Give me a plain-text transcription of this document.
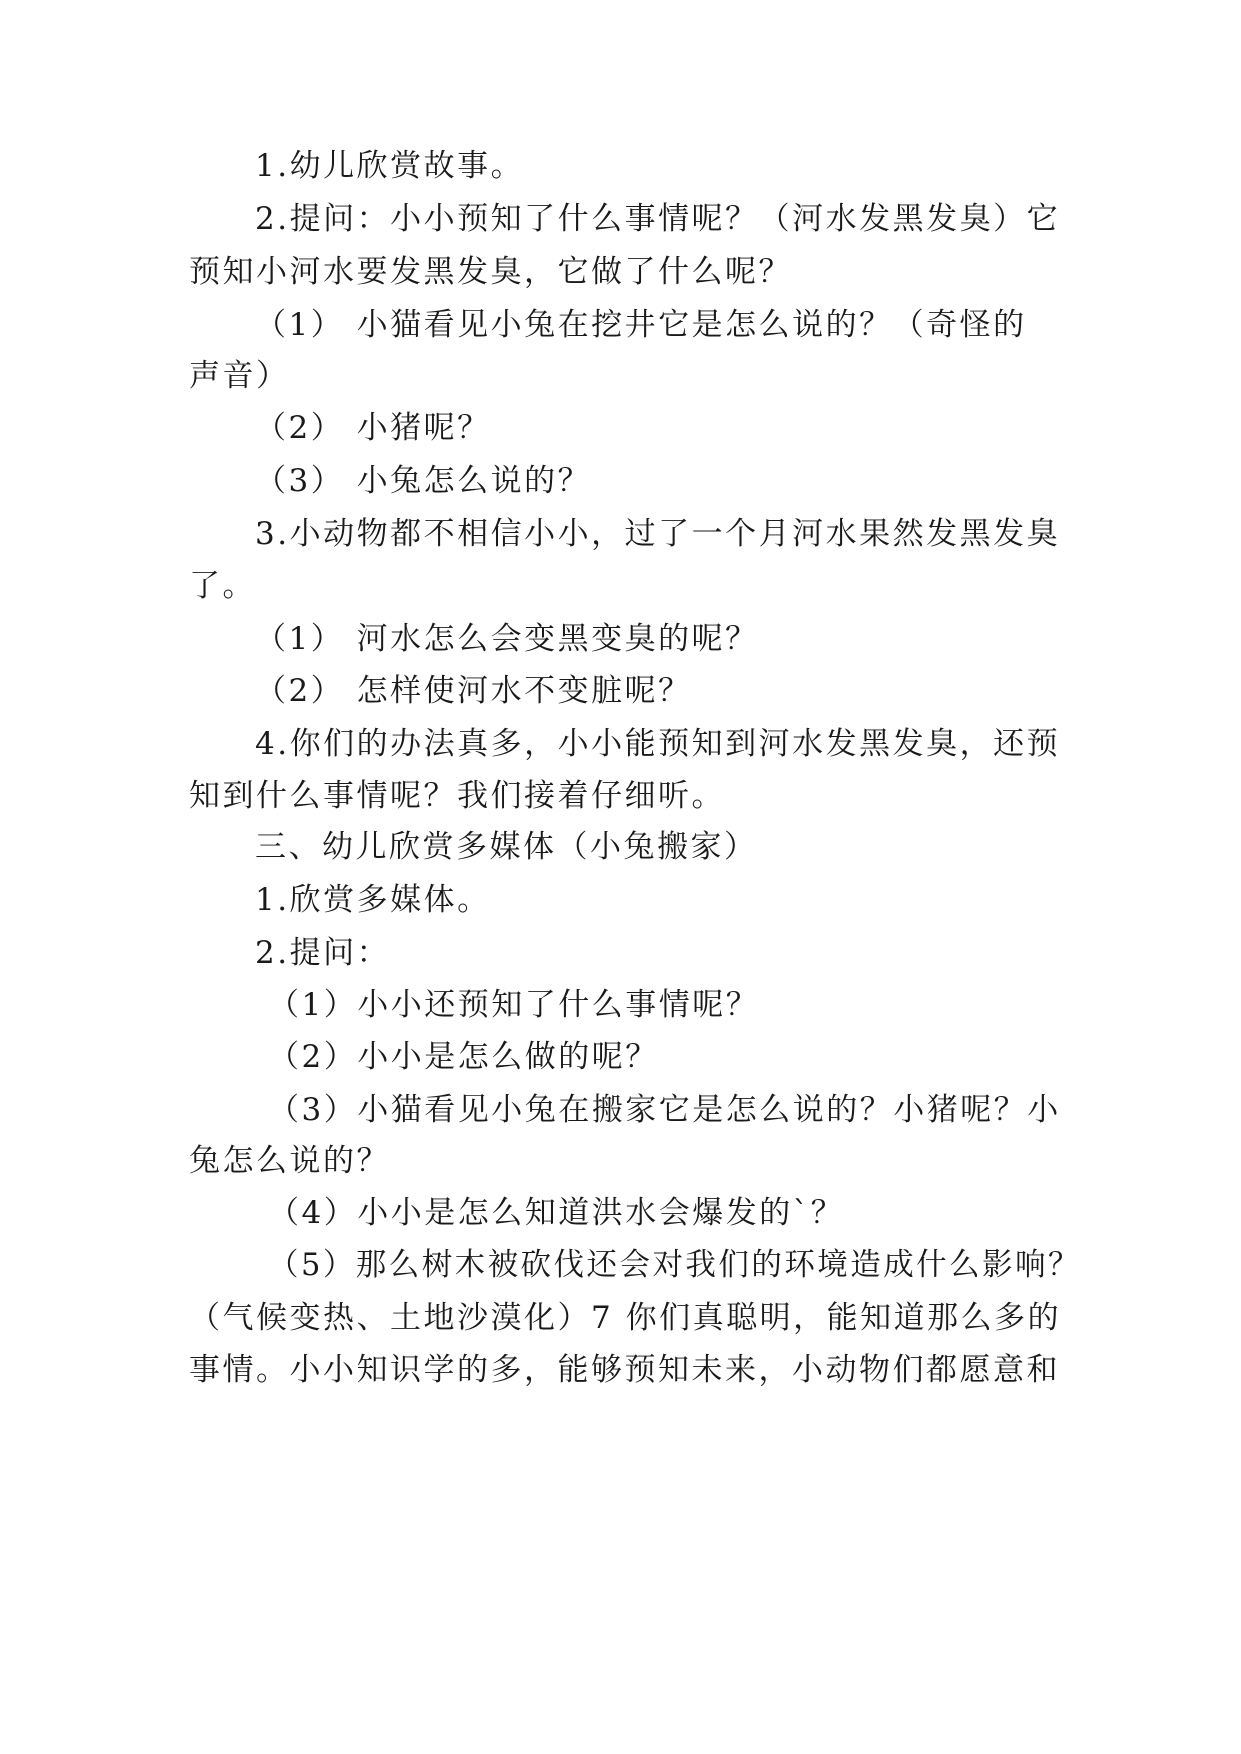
1.幼儿欣赏故事。
2.提问：小小预知了什么事情呢？（河水发黑发臭）它
预知小河水要发黑发臭，它做了什么呢？
（1） 小猫看见小兔在挖井它是怎么说的？（奇怪的
声音）
（2） 小猪呢？
（3） 小兔怎么说的？
3.小动物都不相信小小，过了一个月河水果然发黑发臭
了。
（1） 河水怎么会变黑变臭的呢？
（2） 怎样使河水不变脏呢？
4.你们的办法真多，小小能预知到河水发黑发臭，还预
知到什么事情呢？我们接着仔细听。
三、幼儿欣赏多媒体（小兔搬家）
1.欣赏多媒体。
2.提问：
（1）小小还预知了什么事情呢？
（2）小小是怎么做的呢？
（3）小猫看见小兔在搬家它是怎么说的？小猪呢？小
兔怎么说的？
（4）小小是怎么知道洪水会爆发的`？
（5）那么树木被砍伐还会对我们的环境造成什么影响？
（气候变热、土地沙漠化）7 你们真聪明，能知道那么多的
事情。小小知识学的多，能够预知未来，小动物们都愿意和
